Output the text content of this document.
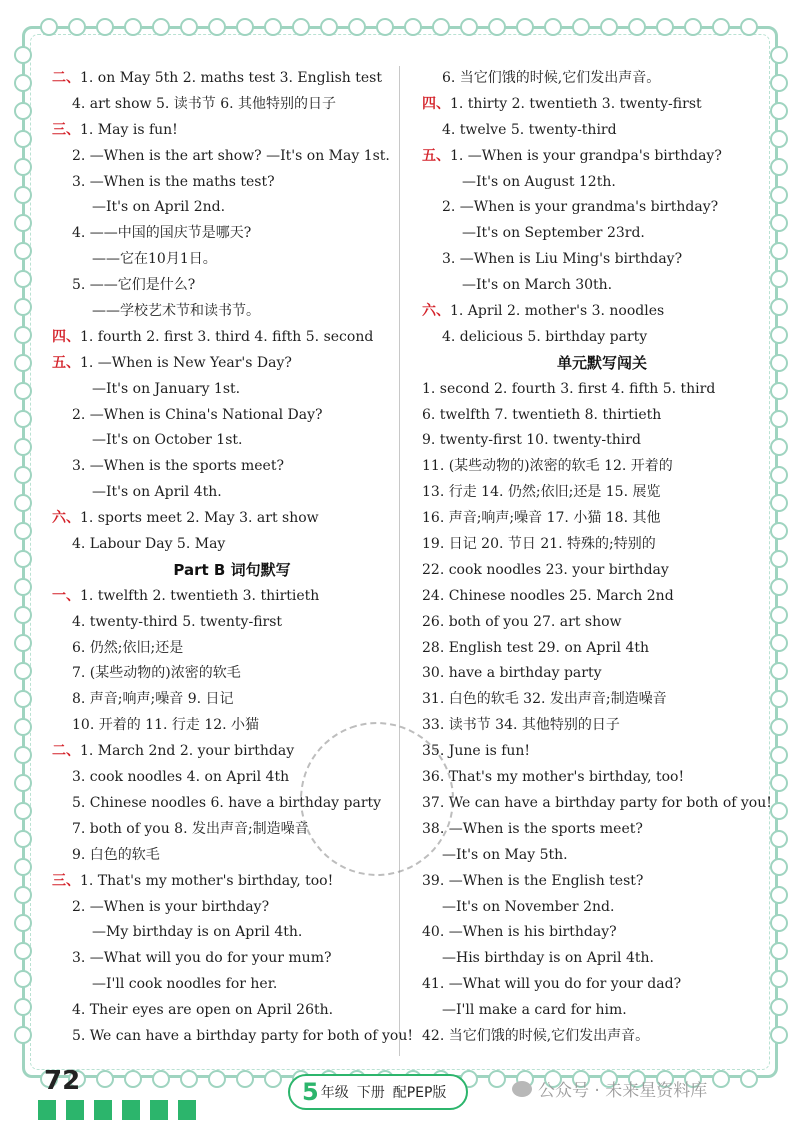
二、1. on May 5th 2. maths test 3. English test
4. art show 5. 读书节 6. 其他特别的日子
三、1. May is fun!
2. —When is the art show? —It's on May 1st.
3. —When is the maths test?
—It's on April 2nd.
4. ——中国的国庆节是哪天?
——它在10月1日。
5. ——它们是什么?
——学校艺术节和读书节。
四、1. fourth 2. first 3. third 4. fifth 5. second
五、1. —When is New Year's Day?
—It's on January 1st.
2. —When is China's National Day?
—It's on October 1st.
3. —When is the sports meet?
—It's on April 4th.
六、1. sports meet 2. May 3. art show
4. Labour Day 5. May
Part B 词句默写
一、1. twelfth 2. twentieth 3. thirtieth
4. twenty-third 5. twenty-first
6. 仍然;依旧;还是
7. (某些动物的)浓密的软毛
8. 声音;响声;噪音 9. 日记
10. 开着的 11. 行走 12. 小猫
二、1. March 2nd 2. your birthday
3. cook noodles 4. on April 4th
5. Chinese noodles 6. have a birthday party
7. both of you 8. 发出声音;制造噪音
9. 白色的软毛
三、1. That's my mother's birthday, too!
2. —When is your birthday?
—My birthday is on April 4th.
3. —What will you do for your mum?
—I'll cook noodles for her.
4. Their eyes are open on April 26th.
5. We can have a birthday party for both of you!
6. 当它们饿的时候,它们发出声音。
四、1. thirty 2. twentieth 3. twenty-first
4. twelve 5. twenty-third
五、1. —When is your grandpa's birthday?
—It's on August 12th.
2. —When is your grandma's birthday?
—It's on September 23rd.
3. —When is Liu Ming's birthday?
—It's on March 30th.
六、1. April 2. mother's 3. noodles
4. delicious 5. birthday party
单元默写闯关
1. second 2. fourth 3. first 4. fifth 5. third
6. twelfth 7. twentieth 8. thirtieth
9. twenty-first 10. twenty-third
11. (某些动物的)浓密的软毛 12. 开着的
13. 行走 14. 仍然;依旧;还是 15. 展览
16. 声音;响声;噪音 17. 小猫 18. 其他
19. 日记 20. 节日 21. 特殊的;特别的
22. cook noodles 23. your birthday
24. Chinese noodles 25. March 2nd
26. both of you 27. art show
28. English test 29. on April 4th
30. have a birthday party
31. 白色的软毛 32. 发出声音;制造噪音
33. 读书节 34. 其他特别的日子
35. June is fun!
36. That's my mother's birthday, too!
37. We can have a birthday party for both of you!
38. —When is the sports meet?
—It's on May 5th.
39. —When is the English test?
—It's on November 2nd.
40. —When is his birthday?
—His birthday is on April 4th.
41. —What will you do for your dad?
—I'll make a card for him.
42. 当它们饿的时候,它们发出声音。
72	5 年级 下册 配PEP版	公众号 · 未来星资料库
